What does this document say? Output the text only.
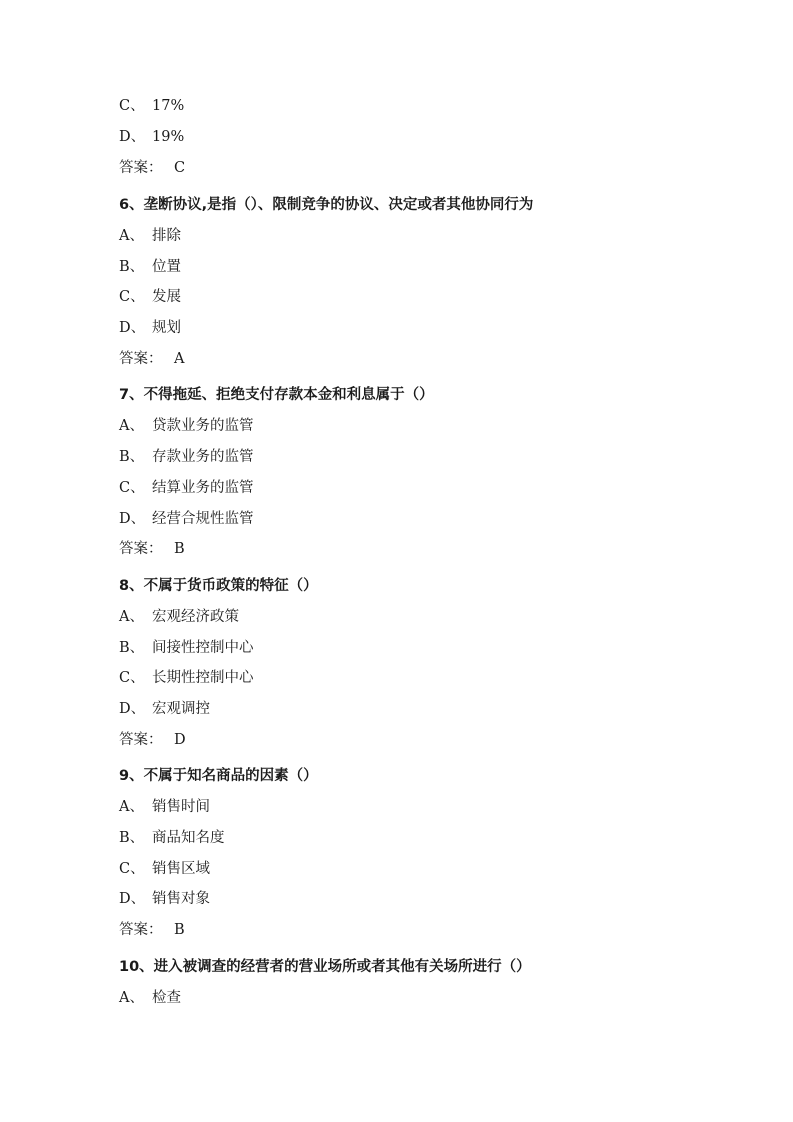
C、 17%
D、 19%
答案： C
6、垄断协议,是指（）、限制竞争的协议、决定或者其他协同行为
A、 排除
B、 位置
C、 发展
D、 规划
答案： A
7、不得拖延、拒绝支付存款本金和利息属于（）
A、 贷款业务的监管
B、 存款业务的监管
C、 结算业务的监管
D、 经营合规性监管
答案： B
8、不属于货币政策的特征（）
A、 宏观经济政策
B、 间接性控制中心
C、 长期性控制中心
D、 宏观调控
答案： D
9、不属于知名商品的因素（）
A、 销售时间
B、 商品知名度
C、 销售区域
D、 销售对象
答案： B
10、进入被调查的经营者的营业场所或者其他有关场所进行（）
A、 检查
